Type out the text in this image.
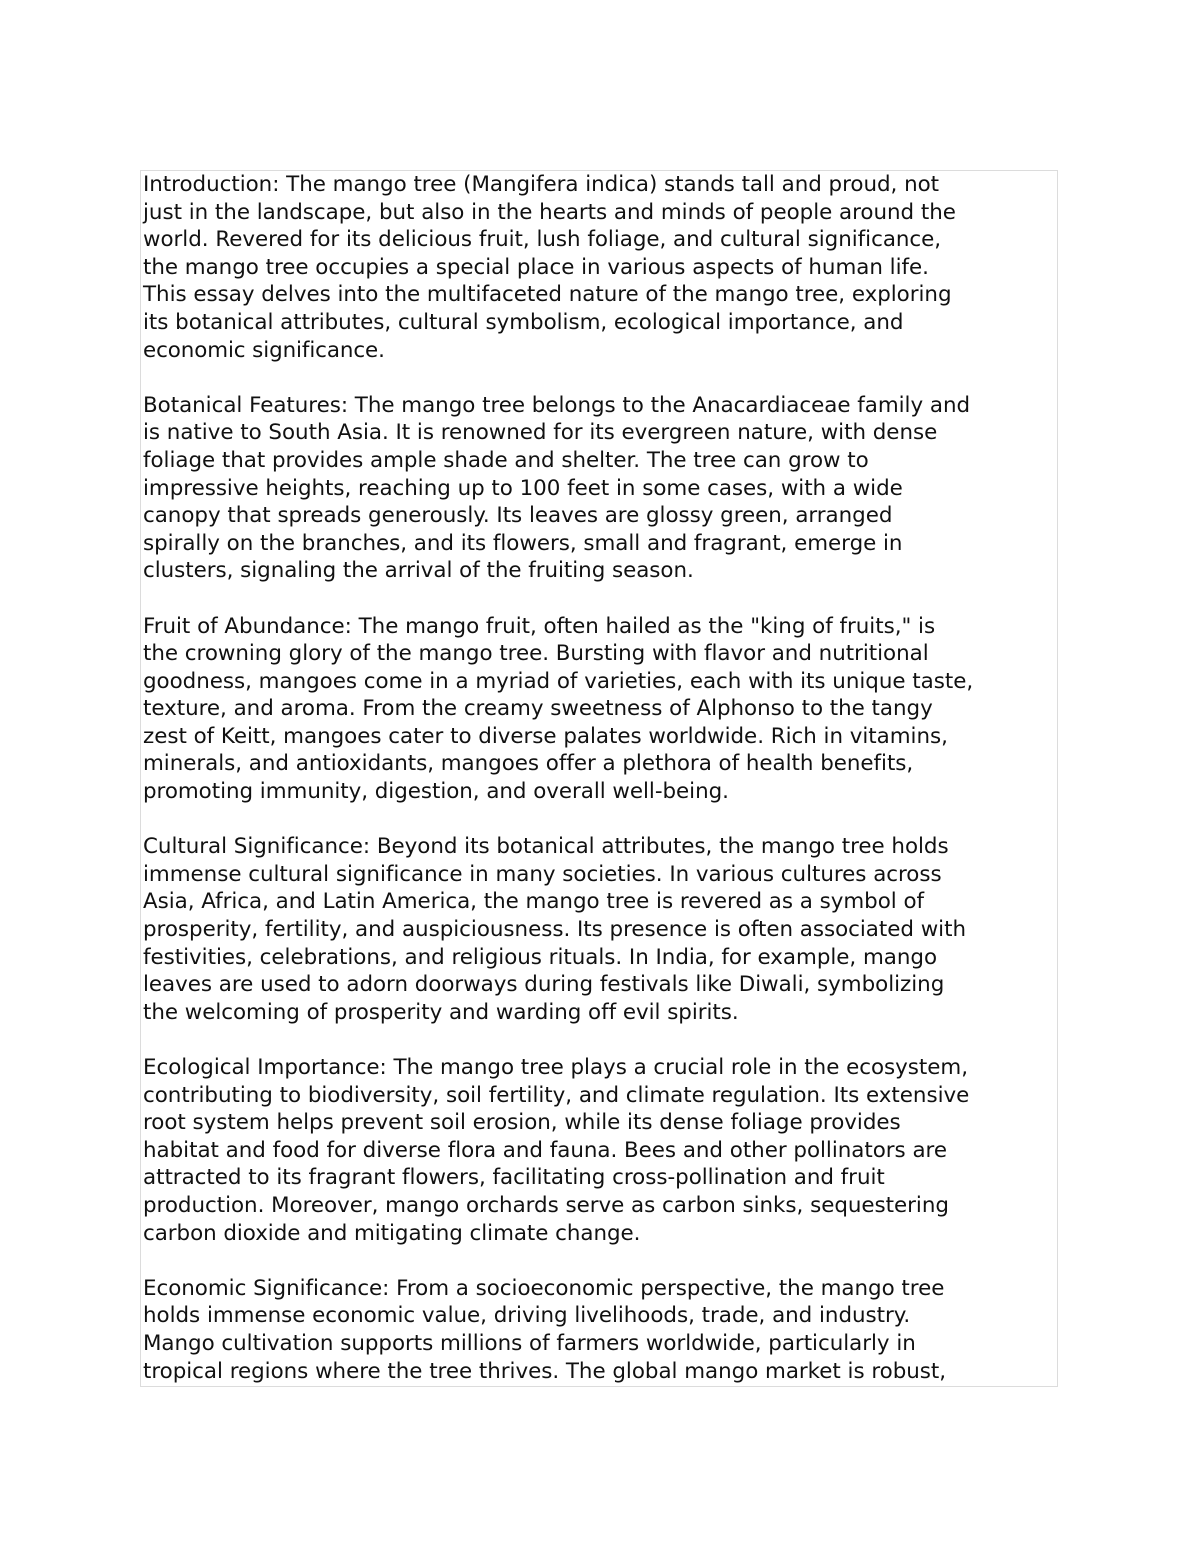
Introduction: The mango tree (Mangifera indica) stands tall and proud, not
just in the landscape, but also in the hearts and minds of people around the
world. Revered for its delicious fruit, lush foliage, and cultural significance,
the mango tree occupies a special place in various aspects of human life.
This essay delves into the multifaceted nature of the mango tree, exploring
its botanical attributes, cultural symbolism, ecological importance, and
economic significance.
Botanical Features: The mango tree belongs to the Anacardiaceae family and
is native to South Asia. It is renowned for its evergreen nature, with dense
foliage that provides ample shade and shelter. The tree can grow to
impressive heights, reaching up to 100 feet in some cases, with a wide
canopy that spreads generously. Its leaves are glossy green, arranged
spirally on the branches, and its flowers, small and fragrant, emerge in
clusters, signaling the arrival of the fruiting season.
Fruit of Abundance: The mango fruit, often hailed as the "king of fruits," is
the crowning glory of the mango tree. Bursting with flavor and nutritional
goodness, mangoes come in a myriad of varieties, each with its unique taste,
texture, and aroma. From the creamy sweetness of Alphonso to the tangy
zest of Keitt, mangoes cater to diverse palates worldwide. Rich in vitamins,
minerals, and antioxidants, mangoes offer a plethora of health benefits,
promoting immunity, digestion, and overall well-being.
Cultural Significance: Beyond its botanical attributes, the mango tree holds
immense cultural significance in many societies. In various cultures across
Asia, Africa, and Latin America, the mango tree is revered as a symbol of
prosperity, fertility, and auspiciousness. Its presence is often associated with
festivities, celebrations, and religious rituals. In India, for example, mango
leaves are used to adorn doorways during festivals like Diwali, symbolizing
the welcoming of prosperity and warding off evil spirits.
Ecological Importance: The mango tree plays a crucial role in the ecosystem,
contributing to biodiversity, soil fertility, and climate regulation. Its extensive
root system helps prevent soil erosion, while its dense foliage provides
habitat and food for diverse flora and fauna. Bees and other pollinators are
attracted to its fragrant flowers, facilitating cross-pollination and fruit
production. Moreover, mango orchards serve as carbon sinks, sequestering
carbon dioxide and mitigating climate change.
Economic Significance: From a socioeconomic perspective, the mango tree
holds immense economic value, driving livelihoods, trade, and industry.
Mango cultivation supports millions of farmers worldwide, particularly in
tropical regions where the tree thrives. The global mango market is robust,
